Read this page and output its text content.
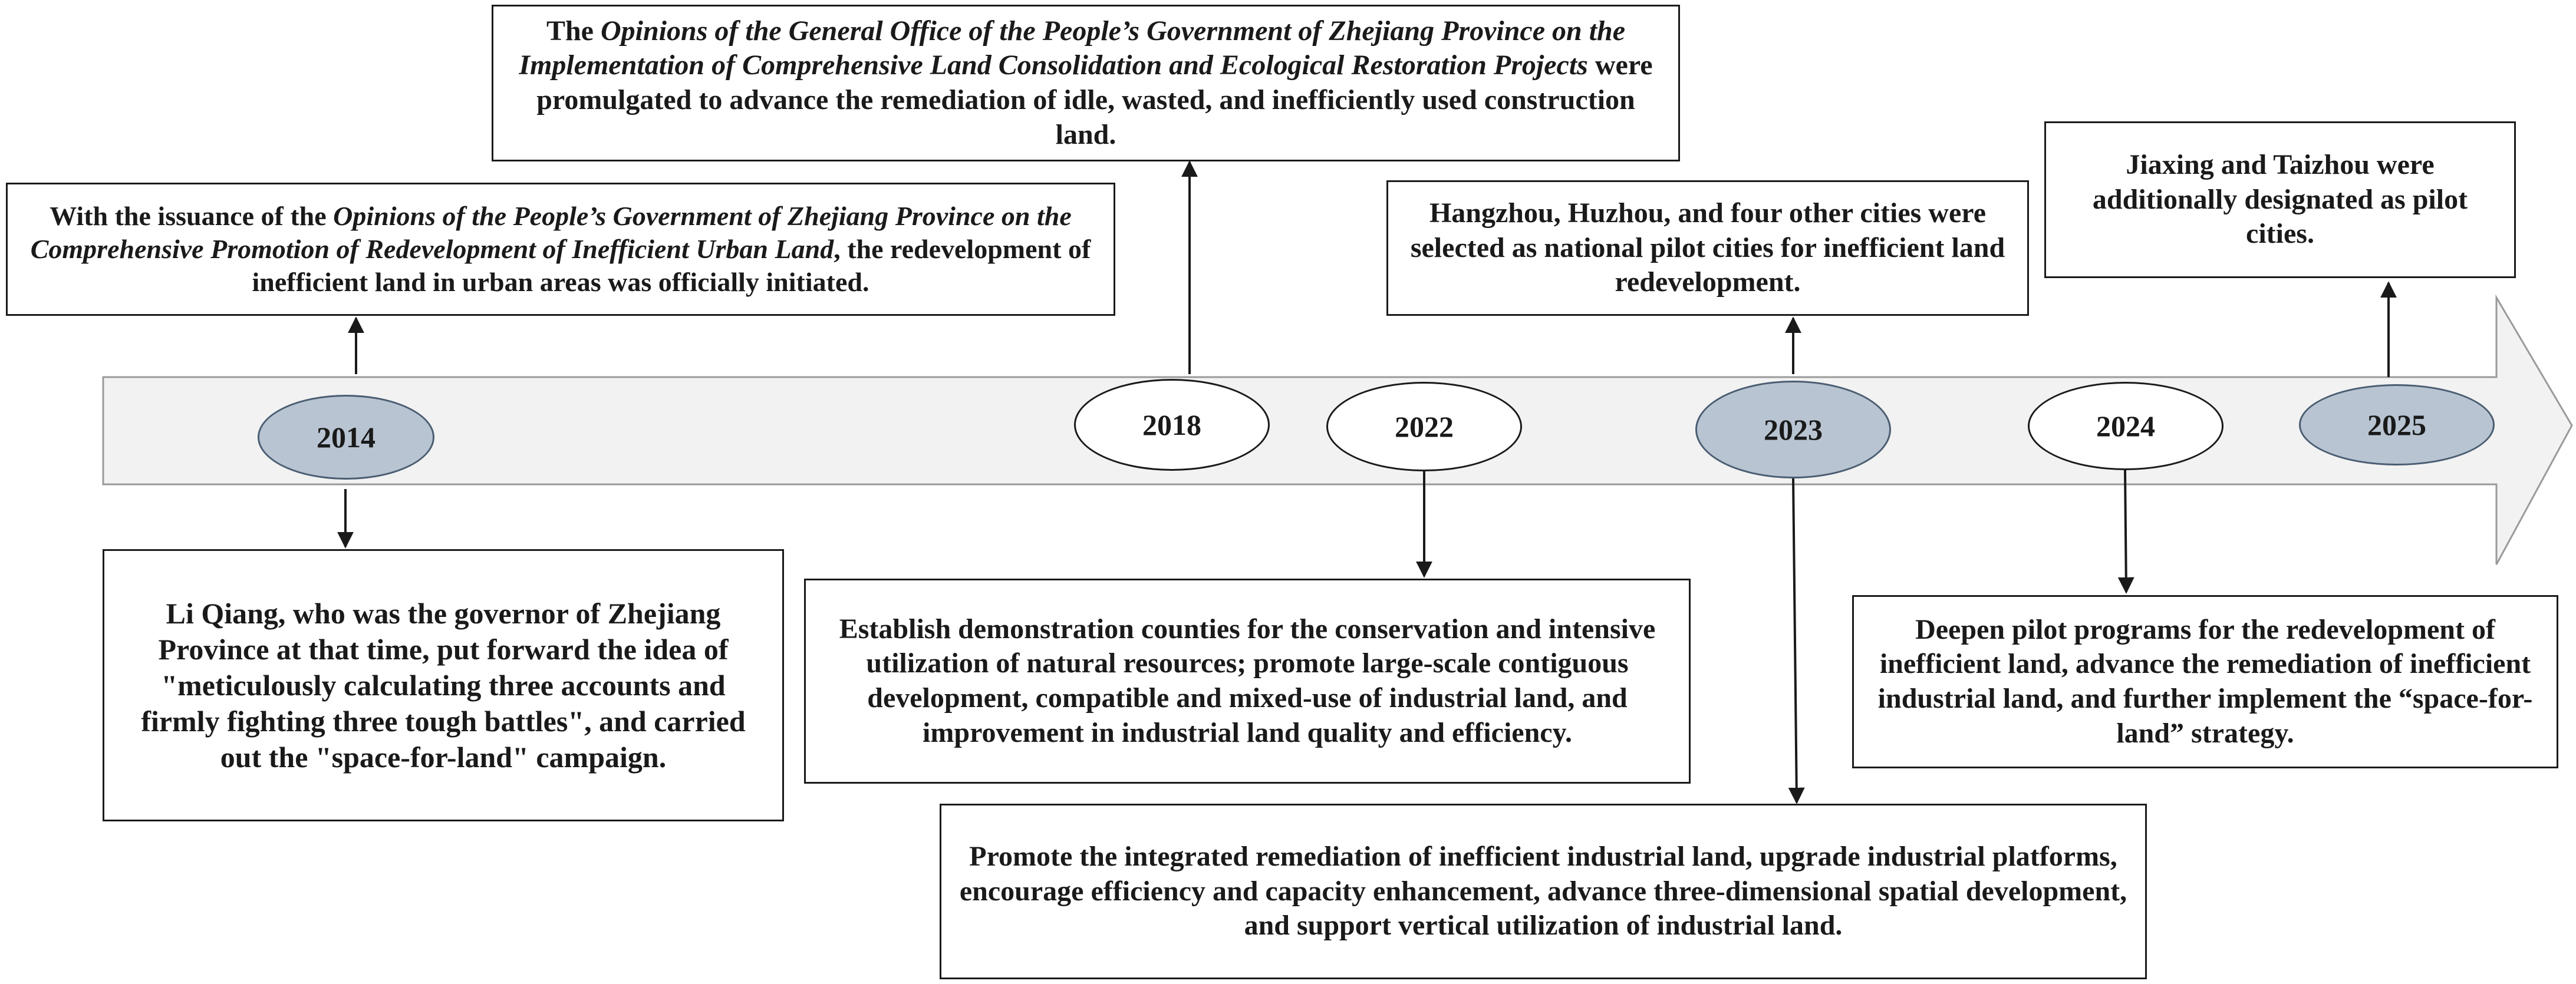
2014	2018	2022	2023	2024	2025

With the issuance of the Opinions of the People’s Government of Zhejiang Province on the Comprehensive Promotion of Redevelopment of Inefficient Urban Land, the redevelopment of inefficient land in urban areas was officially initiated.

Li Qiang, who was the governor of Zhejiang Province at that time, put forward the idea of "meticulously calculating three accounts and firmly fighting three tough battles", and carried out the "space-for-land" campaign.

The Opinions of the General Office of the People’s Government of Zhejiang Province on the Implementation of Comprehensive Land Consolidation and Ecological Restoration Projects were promulgated to advance the remediation of idle, wasted, and inefficiently used construction land.

Establish demonstration counties for the conservation and intensive utilization of natural resources; promote large-scale contiguous development, compatible and mixed-use of industrial land, and improvement in industrial land quality and efficiency.

Hangzhou, Huzhou, and four other cities were selected as national pilot cities for inefficient land redevelopment.

Promote the integrated remediation of inefficient industrial land, upgrade industrial platforms, encourage efficiency and capacity enhancement, advance three-dimensional spatial development, and support vertical utilization of industrial land.

Deepen pilot programs for the redevelopment of inefficient land, advance the remediation of inefficient industrial land, and further implement the “space-for-land” strategy.

Jiaxing and Taizhou were additionally designated as pilot cities.
